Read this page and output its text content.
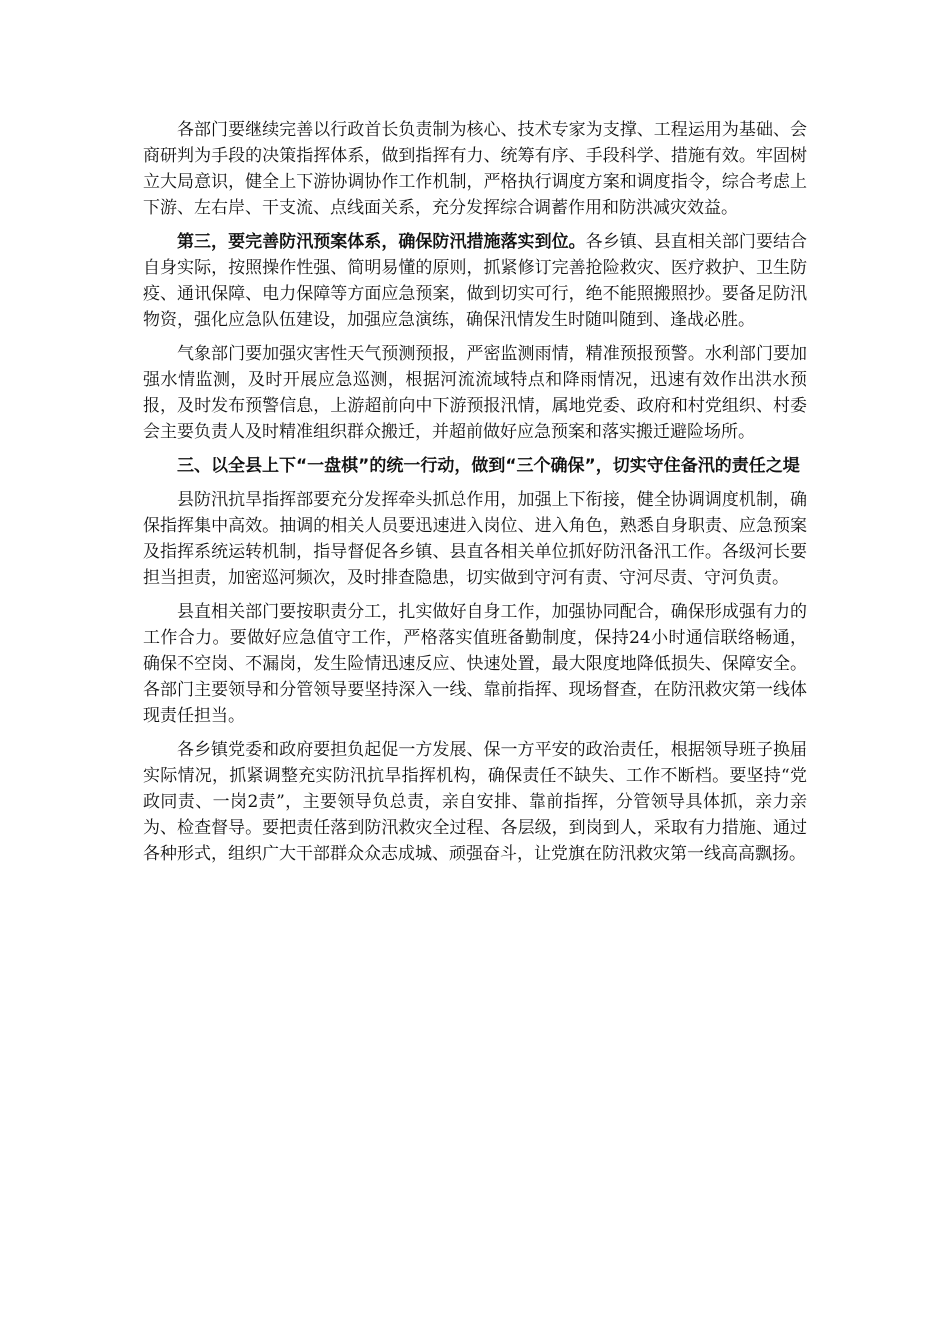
各部门要继续完善以行政首长负责制为核心、技术专家为支撑、工程运用为基础、会商研判为手段的决策指挥体系，做到指挥有力、统筹有序、手段科学、措施有效。牢固树立大局意识，健全上下游协调协作工作机制，严格执行调度方案和调度指令，综合考虑上下游、左右岸、干支流、点线面关系，充分发挥综合调蓄作用和防洪减灾效益。

第三，要完善防汛预案体系，确保防汛措施落实到位。各乡镇、县直相关部门要结合自身实际，按照操作性强、简明易懂的原则，抓紧修订完善抢险救灾、医疗救护、卫生防疫、通讯保障、电力保障等方面应急预案，做到切实可行，绝不能照搬照抄。要备足防汛物资，强化应急队伍建设，加强应急演练，确保汛情发生时随叫随到、逢战必胜。

气象部门要加强灾害性天气预测预报，严密监测雨情，精准预报预警。水利部门要加强水情监测，及时开展应急巡测，根据河流流域特点和降雨情况，迅速有效作出洪水预报，及时发布预警信息，上游超前向中下游预报汛情，属地党委、政府和村党组织、村委会主要负责人及时精准组织群众搬迁，并超前做好应急预案和落实搬迁避险场所。

三、以全县上下“一盘棋”的统一行动，做到“三个确保”，切实守住备汛的责任之堤

县防汛抗旱指挥部要充分发挥牵头抓总作用，加强上下衔接，健全协调调度机制，确保指挥集中高效。抽调的相关人员要迅速进入岗位、进入角色，熟悉自身职责、应急预案及指挥系统运转机制，指导督促各乡镇、县直各相关单位抓好防汛备汛工作。各级河长要担当担责，加密巡河频次，及时排查隐患，切实做到守河有责、守河尽责、守河负责。

县直相关部门要按职责分工，扎实做好自身工作，加强协同配合，确保形成强有力的工作合力。要做好应急值守工作，严格落实值班备勤制度，保持24小时通信联络畅通，确保不空岗、不漏岗，发生险情迅速反应、快速处置，最大限度地降低损失、保障安全。各部门主要领导和分管领导要坚持深入一线、靠前指挥、现场督查，在防汛救灾第一线体现责任担当。

各乡镇党委和政府要担负起促一方发展、保一方平安的政治责任，根据领导班子换届实际情况，抓紧调整充实防汛抗旱指挥机构，确保责任不缺失、工作不断档。要坚持“党政同责、一岗2责”，主要领导负总责，亲自安排、靠前指挥，分管领导具体抓，亲力亲为、检查督导。要把责任落到防汛救灾全过程、各层级，到岗到人，采取有力措施、通过各种形式，组织广大干部群众众志成城、顽强奋斗，让党旗在防汛救灾第一线高高飘扬。
